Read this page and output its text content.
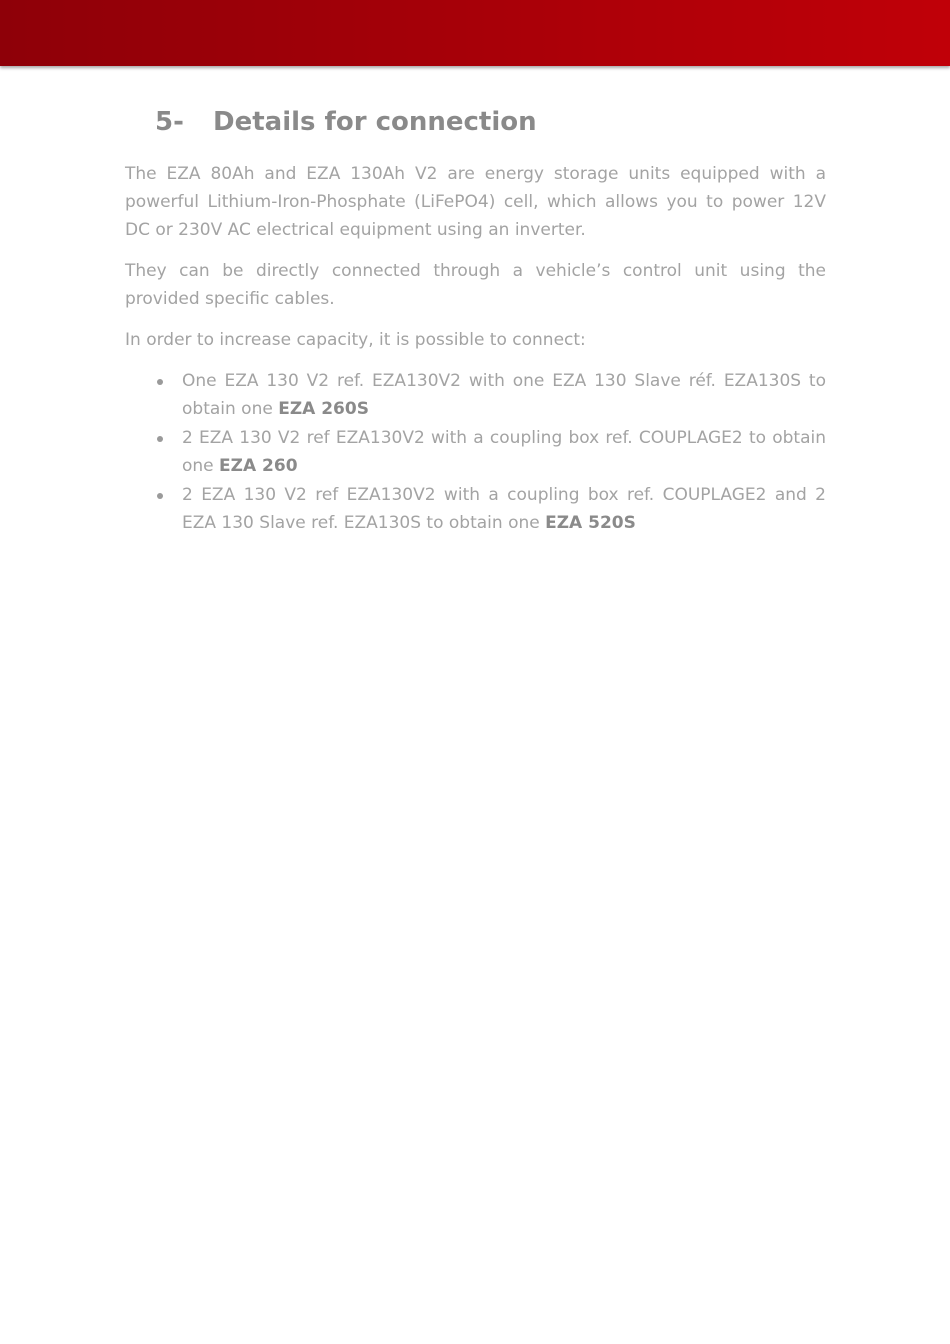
5- Details for connection

The EZA 80Ah and EZA 130Ah V2 are energy storage units equipped with a powerful Lithium-Iron-Phosphate (LiFePO4) cell, which allows you to power 12V DC or 230V AC electrical equipment using an inverter.

They can be directly connected through a vehicle’s control unit using the provided specific cables.

In order to increase capacity, it is possible to connect:

One EZA 130 V2 ref. EZA130V2 with one EZA 130 Slave réf. EZA130S to obtain one EZA 260S
2 EZA 130 V2 ref EZA130V2 with a coupling box ref. COUPLAGE2 to obtain one EZA 260
2 EZA 130 V2 ref EZA130V2 with a coupling box ref. COUPLAGE2 and 2 EZA 130 Slave ref. EZA130S to obtain one EZA 520S
